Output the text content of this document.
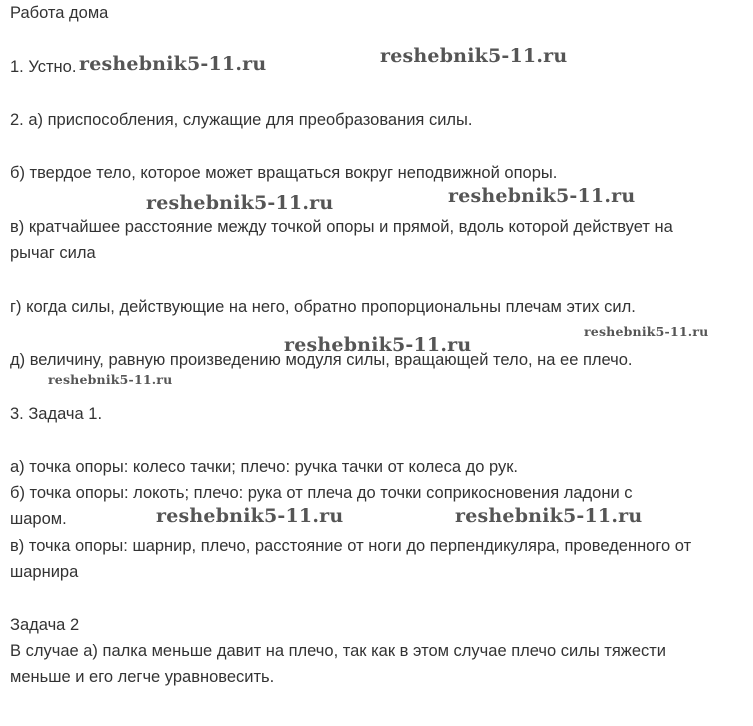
Работа дома

1. Устно.

2. а) приспособления, служащие для преобразования силы.

б) твердое тело, которое может вращаться вокруг неподвижной опоры.

в) кратчайшее расстояние между точкой опоры и прямой, вдоль которой действует на

рычаг сила

г) когда силы, действующие на него, обратно пропорциональны плечам этих сил.

д) величину, равную произведению модуля силы, вращающей тело, на ее плечо.

3. Задача 1.

а) точка опоры: колесо тачки; плечо: ручка тачки от колеса до рук.

б) точка опоры: локоть; плечо: рука от плеча до точки соприкосновения ладони с

шаром.

в) точка опоры: шарнир, плечо, расстояние от ноги до перпендикуляра, проведенного от

шарнира

Задача 2

В случае а) палка меньше давит на плечо, так как в этом случае плечо силы тяжести

меньше и его легче уравновесить.

reshebnik5-11.ru	reshebnik5-11.ru
reshebnik5-11.ru	reshebnik5-11.ru
reshebnik5-11.ru
reshebnik5-11.ru
reshebnik5-11.ru
reshebnik5-11.ru	reshebnik5-11.ru
